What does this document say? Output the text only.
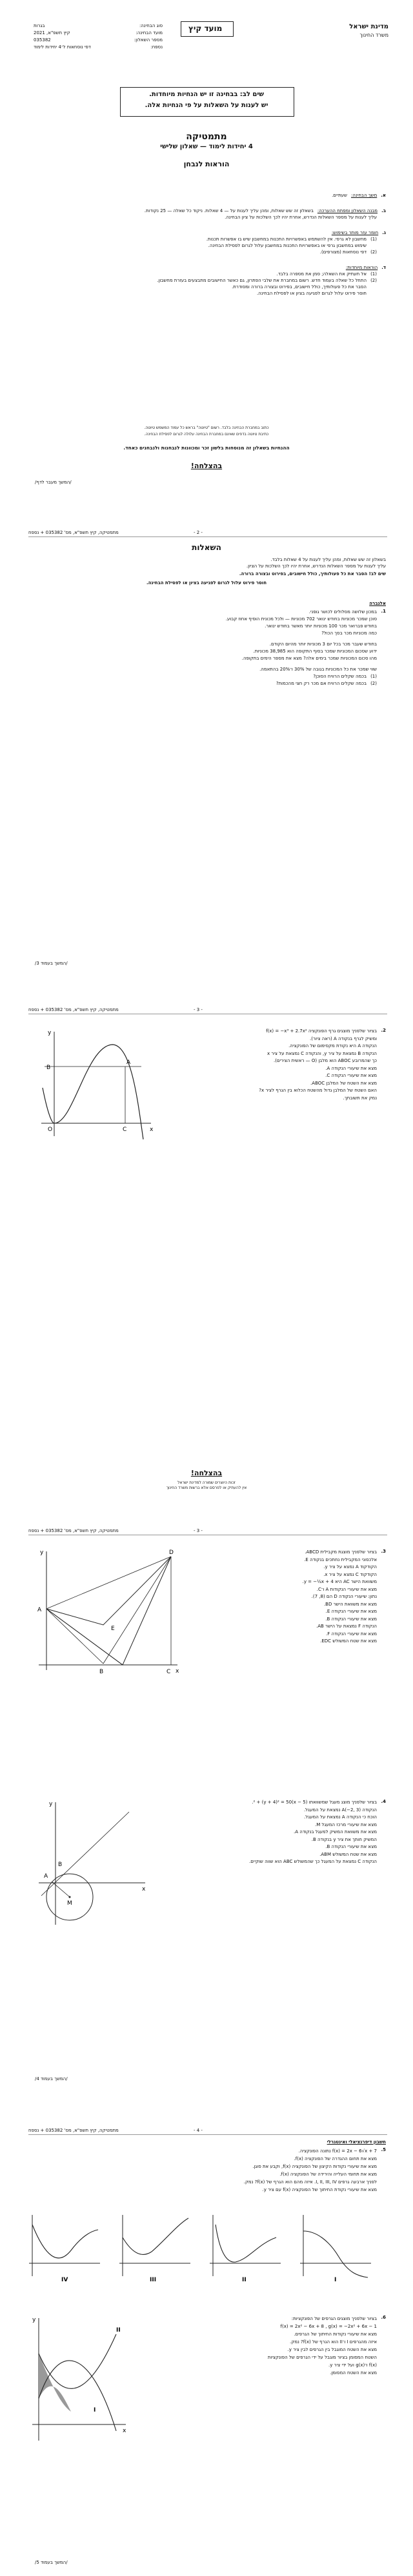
מדינת ישראל
משרד החינוך
מועד קיץ
סוג הבחינה:
בגרות
מועד הבחינה:
קיץ תשפ"א, 2021
מספר השאלון:
035382
נספח:
דפי נוסחאות ל־4 יחידות לימוד
שים לב: בבחינה זו יש הנחיות מיוחדות.
יש לענות על השאלות על פי הנחיות אלה.
מתמטיקה
4 יחידות לימוד — שאלון שלישי
הוראות לנבחן
א.
משך הבחינה:
שעתיים.
ב.
מבנה השאלון ומפתח ההערכה:
בשאלון זה שש שאלות, ומהן עליך לענות על — 4 שאלות. ניקוד כל שאלה — 25 נקודות.
עליך לענות על מספר השאלות הנדרש, אחרת יהיו לכך השלכות על ציון הבחינה.
ג.
חומר עזר מותר בשימוש:
(1)
מחשבון לא גרפי. אין להשתמש באפשרויות התכנות במחשבון שיש בו אפשרות תכנות.
שימוש במחשבון גרפי או באפשרויות התכנות במחשבון עלול לגרום לפסילת הבחינה.
(2)
דפי נוסחאות (מצורפים).
ד.
הוראות מיוחדות:
(1)
אל תעתיק את השאלה; סמן את מספרה בלבד.
(2)
התחל כל שאלה בעמוד חדש. רשום במחברת את שלבי הפתרון, גם כאשר החישובים מתבצעים בעזרת מחשבון.
הסבר את כל פעולותיך, כולל חישובים, בפירוט ובצורה ברורה ומסודרת.
חוסר פירוט עלול לגרום לפגיעה בציון או לפסילת הבחינה.
כתוב במחברת הבחינה בלבד. רשום "טיוטה" בראש כל עמוד המשמש טיוטה.
כתיבת טיוטה בדפים שאינם במחברת הבחינה עלולה לגרום לפסילת הבחינה.
ההנחיות בשאלון זה מנוסחות בלשון זכר ומכוונות לנבחנות ולנבחנים כאחד.
בהצלחה!
/המשך מעבר לדף/
מתמטיקה, קיץ תשפ"א, מס' 035382 + נספח	- 2 -
השאלות
בשאלון זה שש שאלות, ומהן עליך לענות על 4 שאלות בלבד.
עליך לענות על מספר השאלות הנדרש, אחרת יהיו לכך השלכות על הציון.
שים לב! הסבר את כל פעולותיך, כולל חישובים, בפירוט ובצורה ברורה.
חוסר פירוט עלול לגרום לפגיעה בציון או לפסילת הבחינה.
אלגברה
1.
במכון שלושה מסלולים לכושר גופני.
סוכן שמכר מכוניות בחודש ינואר 702 מכוניות — ולכל מכונית הוסיף אחוז קבוע.
בחודש פברואר מכר 100 מכוניות יותר מאשר בחודש ינואר.
כמה מכוניות מכר בסך הכול?
בחודש שעבר מכר בכל יום 3 מכוניות יותר מהיום הקודם.
ידוע שסכום המכוניות שמכר בסוף התקופה הוא 38,985 מכוניות.
מהו סכום המכוניות שמכר בימים אלה? מצא את מספר הימים בתקופה.
שווי שמכר את כל המכוניות בגובה של 30% ו־20% בהתאמה.
(1)
בכמה שקלים הרוויח הסוכן?
(2)
בכמה שקלים הרוויח אם מכר רק חצי מהכמות?
/המשך בעמוד 3/
מתמטיקה, קיץ תשפ"א, מס' 035382 + נספח	- 3 -
y
x
O
A
B
C
2.
בציור שלפניך מוצגים גרף הפונקציה f(x) = −x³ + 2.7x²
ומשיק לגרף בנקודה A (ראה ציור).
הנקודה A היא נקודת מקסימום של הפונקציה.
הנקודה B נמצאת על ציר y, והנקודה C נמצאת על ציר x
כך שהמרובע ABOC הוא מלבן (O — ראשית הצירים).
מצא את שיעורי הנקודה A.
מצא את שיעורי הנקודה C.
מצא את השטח של המלבן ABOC.
האם השטח של המלבן גדול מהשטח הכלוא בין הגרף לציר x?
נמק את תשובתך.
בהצלחה!
זכות היוצרים שמורה למדינת ישראל
אין להעתיק או לפרסם אלא ברשות משרד החינוך
מתמטיקה, קיץ תשפ"א, מס' 035382 + נספח	- 3 -
A
B	C
D
E
y
x
3.
בציור שלפניך מוצגת מקבילית ABCD.
אלכסוני המקבילית נחתכים בנקודה E.
הקודקוד A נמצא על ציר y.
הקודקוד C נמצא על ציר x.
משוואת הישר AC היא y = −½x + 4.
מצא את שיעורי הנקודות A ו־C.
נתון: שיעורי הנקודה D הם (8, 7).
מצא את משוואת הישר BD.
מצא את שיעורי הנקודה E.
מצא את שיעורי הנקודה B.
הנקודה F נמצאת על הישר AB.
מצא את שיעורי הנקודה F.
מצא את שטח המשולש EDC.
A
B
M
y
x
4.
בציור שלפניך מוצג מעגל שמשוואתו (x − 5)² + (y + 4)² = 50.
הנקודה A(−2, 3) נמצאת על המעגל.
הוכח כי הנקודה A נמצאת על המעגל.
מצא את שיעורי מרכז המעגל M.
מצא את משוואת המשיק למעגל בנקודה A.
המשיק חותך את ציר y בנקודה B.
מצא את שיעורי הנקודה B.
מצא את שטח המשולש ABM.
הנקודה C נמצאת על המעגל כך שהמשולש ABC הוא שווה שוקיים.
/המשך בעמוד 4/
מתמטיקה, קיץ תשפ"א, מס' 035382 + נספח	- 4 -
חשבון דיפרנציאלי ואינטגרלי
5.
f(x) = 2x − 6√x + 7 נתונה הפונקציה.
מצא את תחום ההגדרה של הפונקציה f(x).
מצא את שיעורי נקודות הקיצון של הפונקציה f(x), וקבע את סוגן.
מצא את תחומי העלייה והירידה של הפונקציה f(x).
לפניך ארבעה גרפים I, II, III, IV. איזה מהם הוא הגרף של f(x)? נמק.
מצא את שיעורי נקודת החיתוך של הפונקציה f(x) עם ציר y.
IV	III	II	I
6.
בציור שלפניך מוצגים הגרפים של הפונקציות:
f(x) = 2x² − 6x + 8 , g(x) = −2x² + 6x − 1
מצא את שיעורי נקודות החיתוך של הגרפים.
איזה מהגרפים I ו־II הוא הגרף של f(x)? נמק.
מצא את השטח המוגבל בין הגרפים לבין ציר y.
השטח המסומן בציור מוגבל על ידי הגרפים של הפונקציות
f(x) ו־g(x) ועל ידי ציר y.
מצא את השטח המסומן.
II
I
y
x
/המשך בעמוד 5/
